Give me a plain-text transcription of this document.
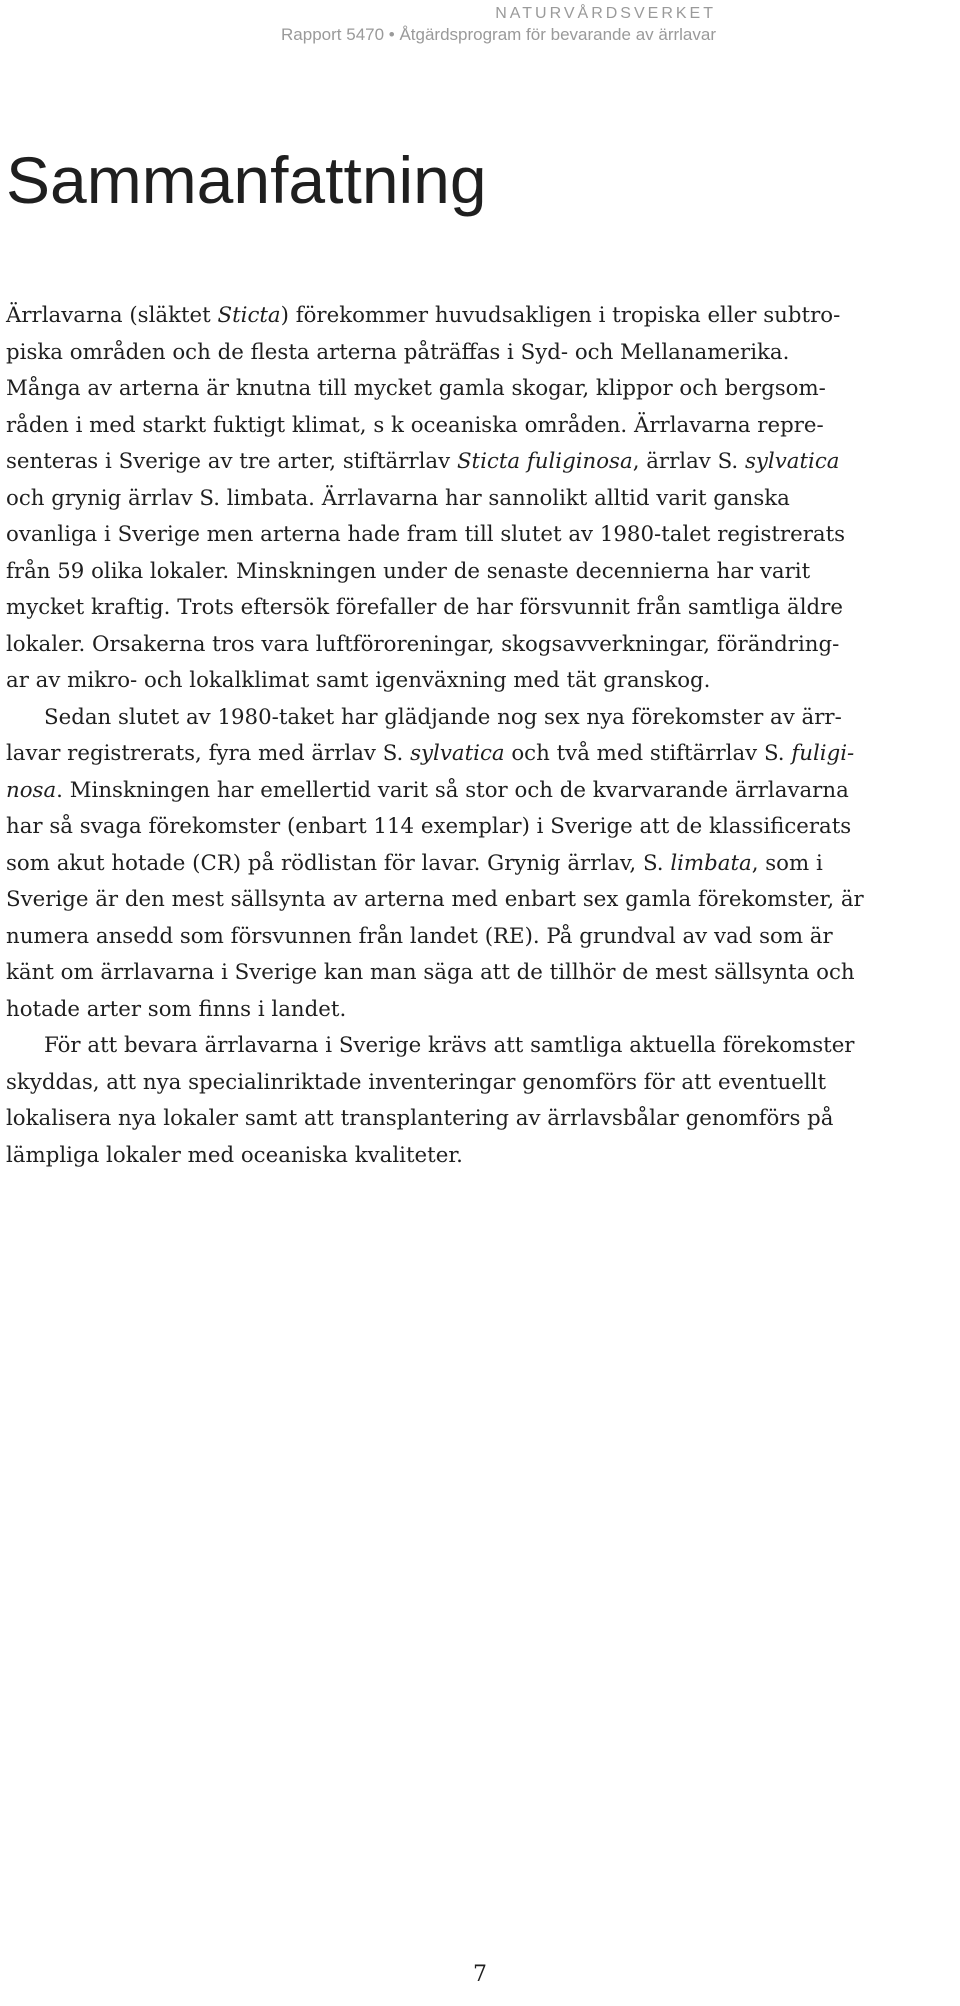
NATURVÅRDSVERKET
Rapport 5470 • Åtgärdsprogram för bevarande av ärrlavar
Sammanfattning
Ärrlavarna (släktet Sticta) förekommer huvudsakligen i tropiska eller subtro-
piska områden och de flesta arterna påträffas i Syd- och Mellanamerika.
Många av arterna är knutna till mycket gamla skogar, klippor och bergsom-
råden i med starkt fuktigt klimat, s k oceaniska områden. Ärrlavarna repre-
senteras i Sverige av tre arter, stiftärrlav Sticta fuliginosa, ärrlav S. sylvatica
och grynig ärrlav S. limbata. Ärrlavarna har sannolikt alltid varit ganska
ovanliga i Sverige men arterna hade fram till slutet av 1980-talet registrerats
från 59 olika lokaler. Minskningen under de senaste decennierna har varit
mycket kraftig. Trots eftersök förefaller de har försvunnit från samtliga äldre
lokaler. Orsakerna tros vara luftföroreningar, skogsavverkningar, förändring-
ar av mikro- och lokalklimat samt igenväxning med tät granskog.
Sedan slutet av 1980-taket har glädjande nog sex nya förekomster av ärr-
lavar registrerats, fyra med ärrlav S. sylvatica och två med stiftärrlav S. fuligi-
nosa. Minskningen har emellertid varit så stor och de kvarvarande ärrlavarna
har så svaga förekomster (enbart 114 exemplar) i Sverige att de klassificerats
som akut hotade (CR) på rödlistan för lavar. Grynig ärrlav, S. limbata, som i
Sverige är den mest sällsynta av arterna med enbart sex gamla förekomster, är
numera ansedd som försvunnen från landet (RE). På grundval av vad som är
känt om ärrlavarna i Sverige kan man säga att de tillhör de mest sällsynta och
hotade arter som finns i landet.
För att bevara ärrlavarna i Sverige krävs att samtliga aktuella förekomster
skyddas, att nya specialinriktade inventeringar genomförs för att eventuellt
lokalisera nya lokaler samt att transplantering av ärrlavsbålar genomförs på
lämpliga lokaler med oceaniska kvaliteter.
7
